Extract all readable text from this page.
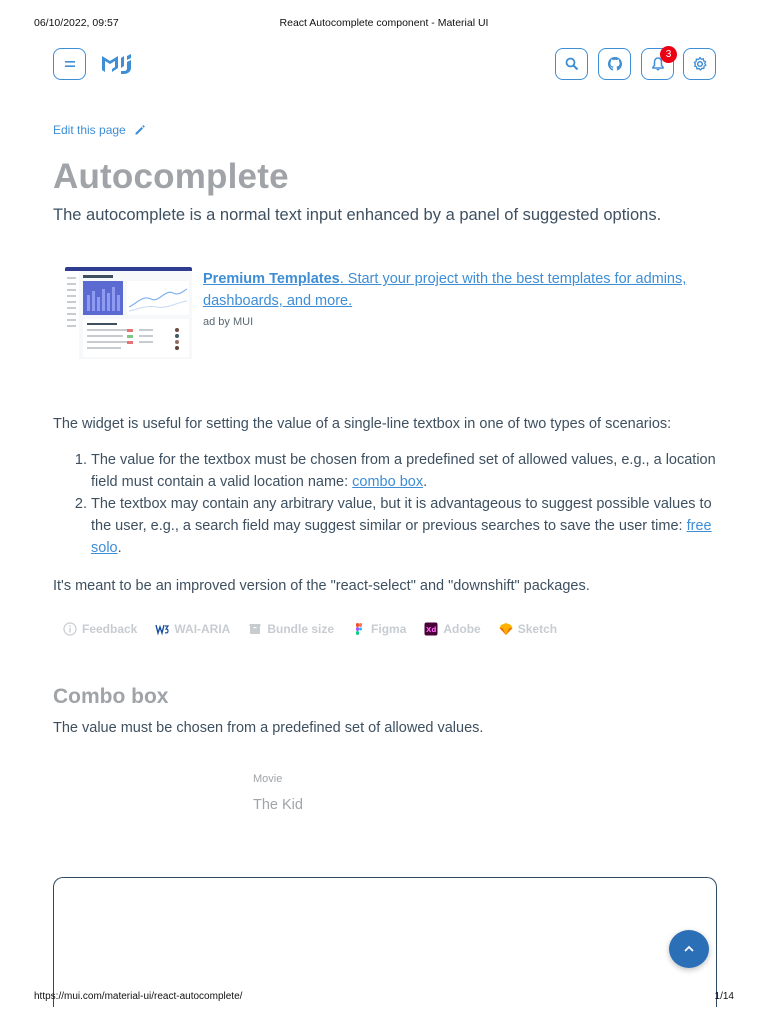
06/10/2022, 09:57	React Autocomplete component - Material UI
3
Edit this page
Autocomplete

The autocomplete is a normal text input enhanced by a panel of suggested options.

Premium Templates. Start your project with the best templates for admins, dashboards, and more.
ad by MUI

The widget is useful for setting the value of a single-line textbox in one of two types of scenarios:

1. The value for the textbox must be chosen from a predefined set of allowed values, e.g., a location field must contain a valid location name: combo box.
2. The textbox may contain any arbitrary value, but it is advantageous to suggest possible values to the user, e.g., a search field may suggest similar or previous searches to save the user time: free solo.

It's meant to be an improved version of the "react-select" and "downshift" packages.

Feedback	WAI-ARIA	Bundle size	Figma	Xd Adobe	Sketch
Combo box

The value must be chosen from a predefined set of allowed values.

Movie
The Kid
https://mui.com/material-ui/react-autocomplete/	1/14
